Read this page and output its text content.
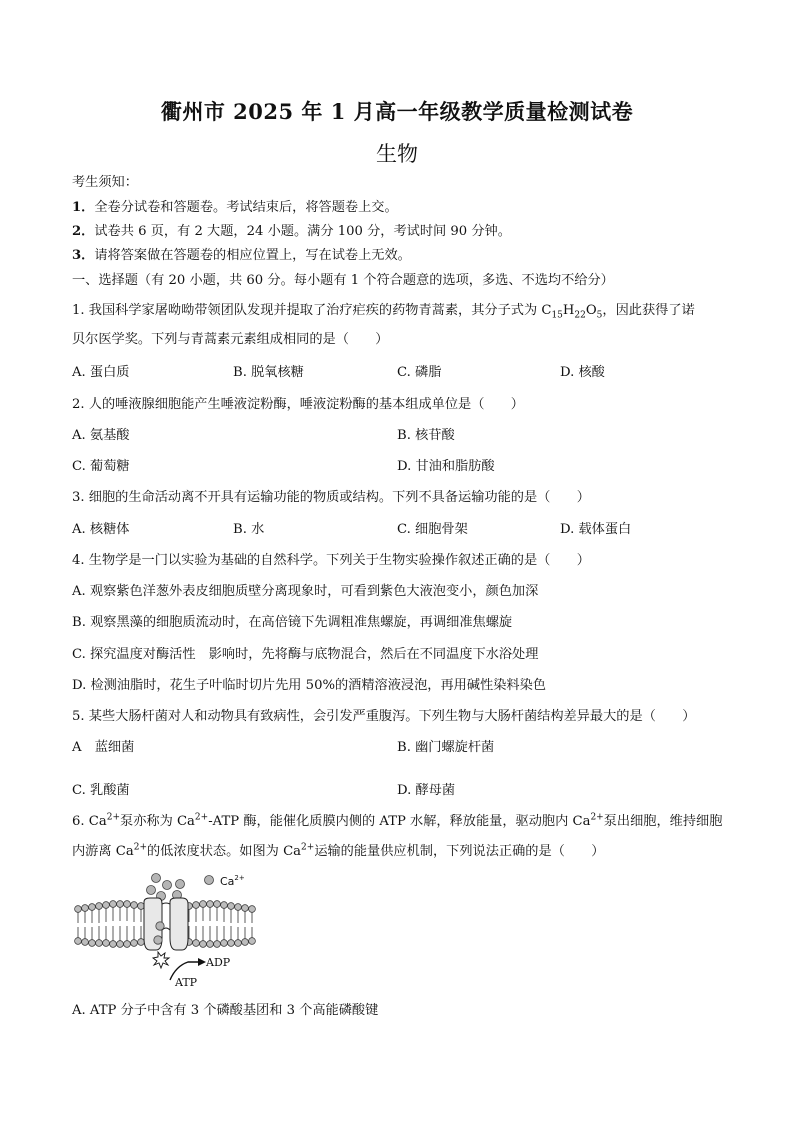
衢州市 2025 年 1 月高一年级教学质量检测试卷
生物
考生须知：
1．全卷分试卷和答题卷。考试结束后，将答题卷上交。
2．试卷共 6 页，有 2 大题，24 小题。满分 100 分，考试时间 90 分钟。
3．请将答案做在答题卷的相应位置上，写在试卷上无效。
一、选择题（有 20 小题，共 60 分。每小题有 1 个符合题意的选项，多选、不选均不给分）
1. 我国科学家屠呦呦带领团队发现并提取了治疗疟疾的药物青蒿素，其分子式为 $C_{15}H_{22}O_5$，因此获得了诺
贝尔医学奖。下列与青蒿素元素组成相同的是（　　）
A. 蛋白质	B. 脱氧核糖	C. 磷脂	D. 核酸
2. 人的唾液腺细胞能产生唾液淀粉酶，唾液淀粉酶的基本组成单位是（　　）
A. 氨基酸	B. 核苷酸
C. 葡萄糖	D. 甘油和脂肪酸
3. 细胞的生命活动离不开具有运输功能的物质或结构。下列不具备运输功能的是（　　）
A. 核糖体	B. 水	C. 细胞骨架	D. 载体蛋白
4. 生物学是一门以实验为基础的自然科学。下列关于生物实验操作叙述正确的是（　　）
A. 观察紫色洋葱外表皮细胞质壁分离现象时，可看到紫色大液泡变小，颜色加深
B. 观察黑藻的细胞质流动时，在高倍镜下先调粗准焦螺旋，再调细准焦螺旋
C. 探究温度对酶活性　影响时，先将酶与底物混合，然后在不同温度下水浴处理
D. 检测油脂时，花生子叶临时切片先用 50%的酒精溶液浸泡，再用碱性染料染色
5. 某些大肠杆菌对人和动物具有致病性，会引发严重腹泻。下列生物与大肠杆菌结构差异最大的是（　　）
A　蓝细菌	B. 幽门螺旋杆菌
C. 乳酸菌	D. 酵母菌
6. $Ca^{2+}$泵亦称为 $Ca^{2+}$-ATP 酶，能催化质膜内侧的 ATP 水解，释放能量，驱动胞内 $Ca^{2+}$泵出细胞，维持细胞
内游离 $Ca^{2+}$的低浓度状态。如图为 $Ca^{2+}$运输的能量供应机制，下列说法正确的是（　　）
$Ca^{2+}$
ADP
ATP
A. ATP 分子中含有 3 个磷酸基团和 3 个高能磷酸键
